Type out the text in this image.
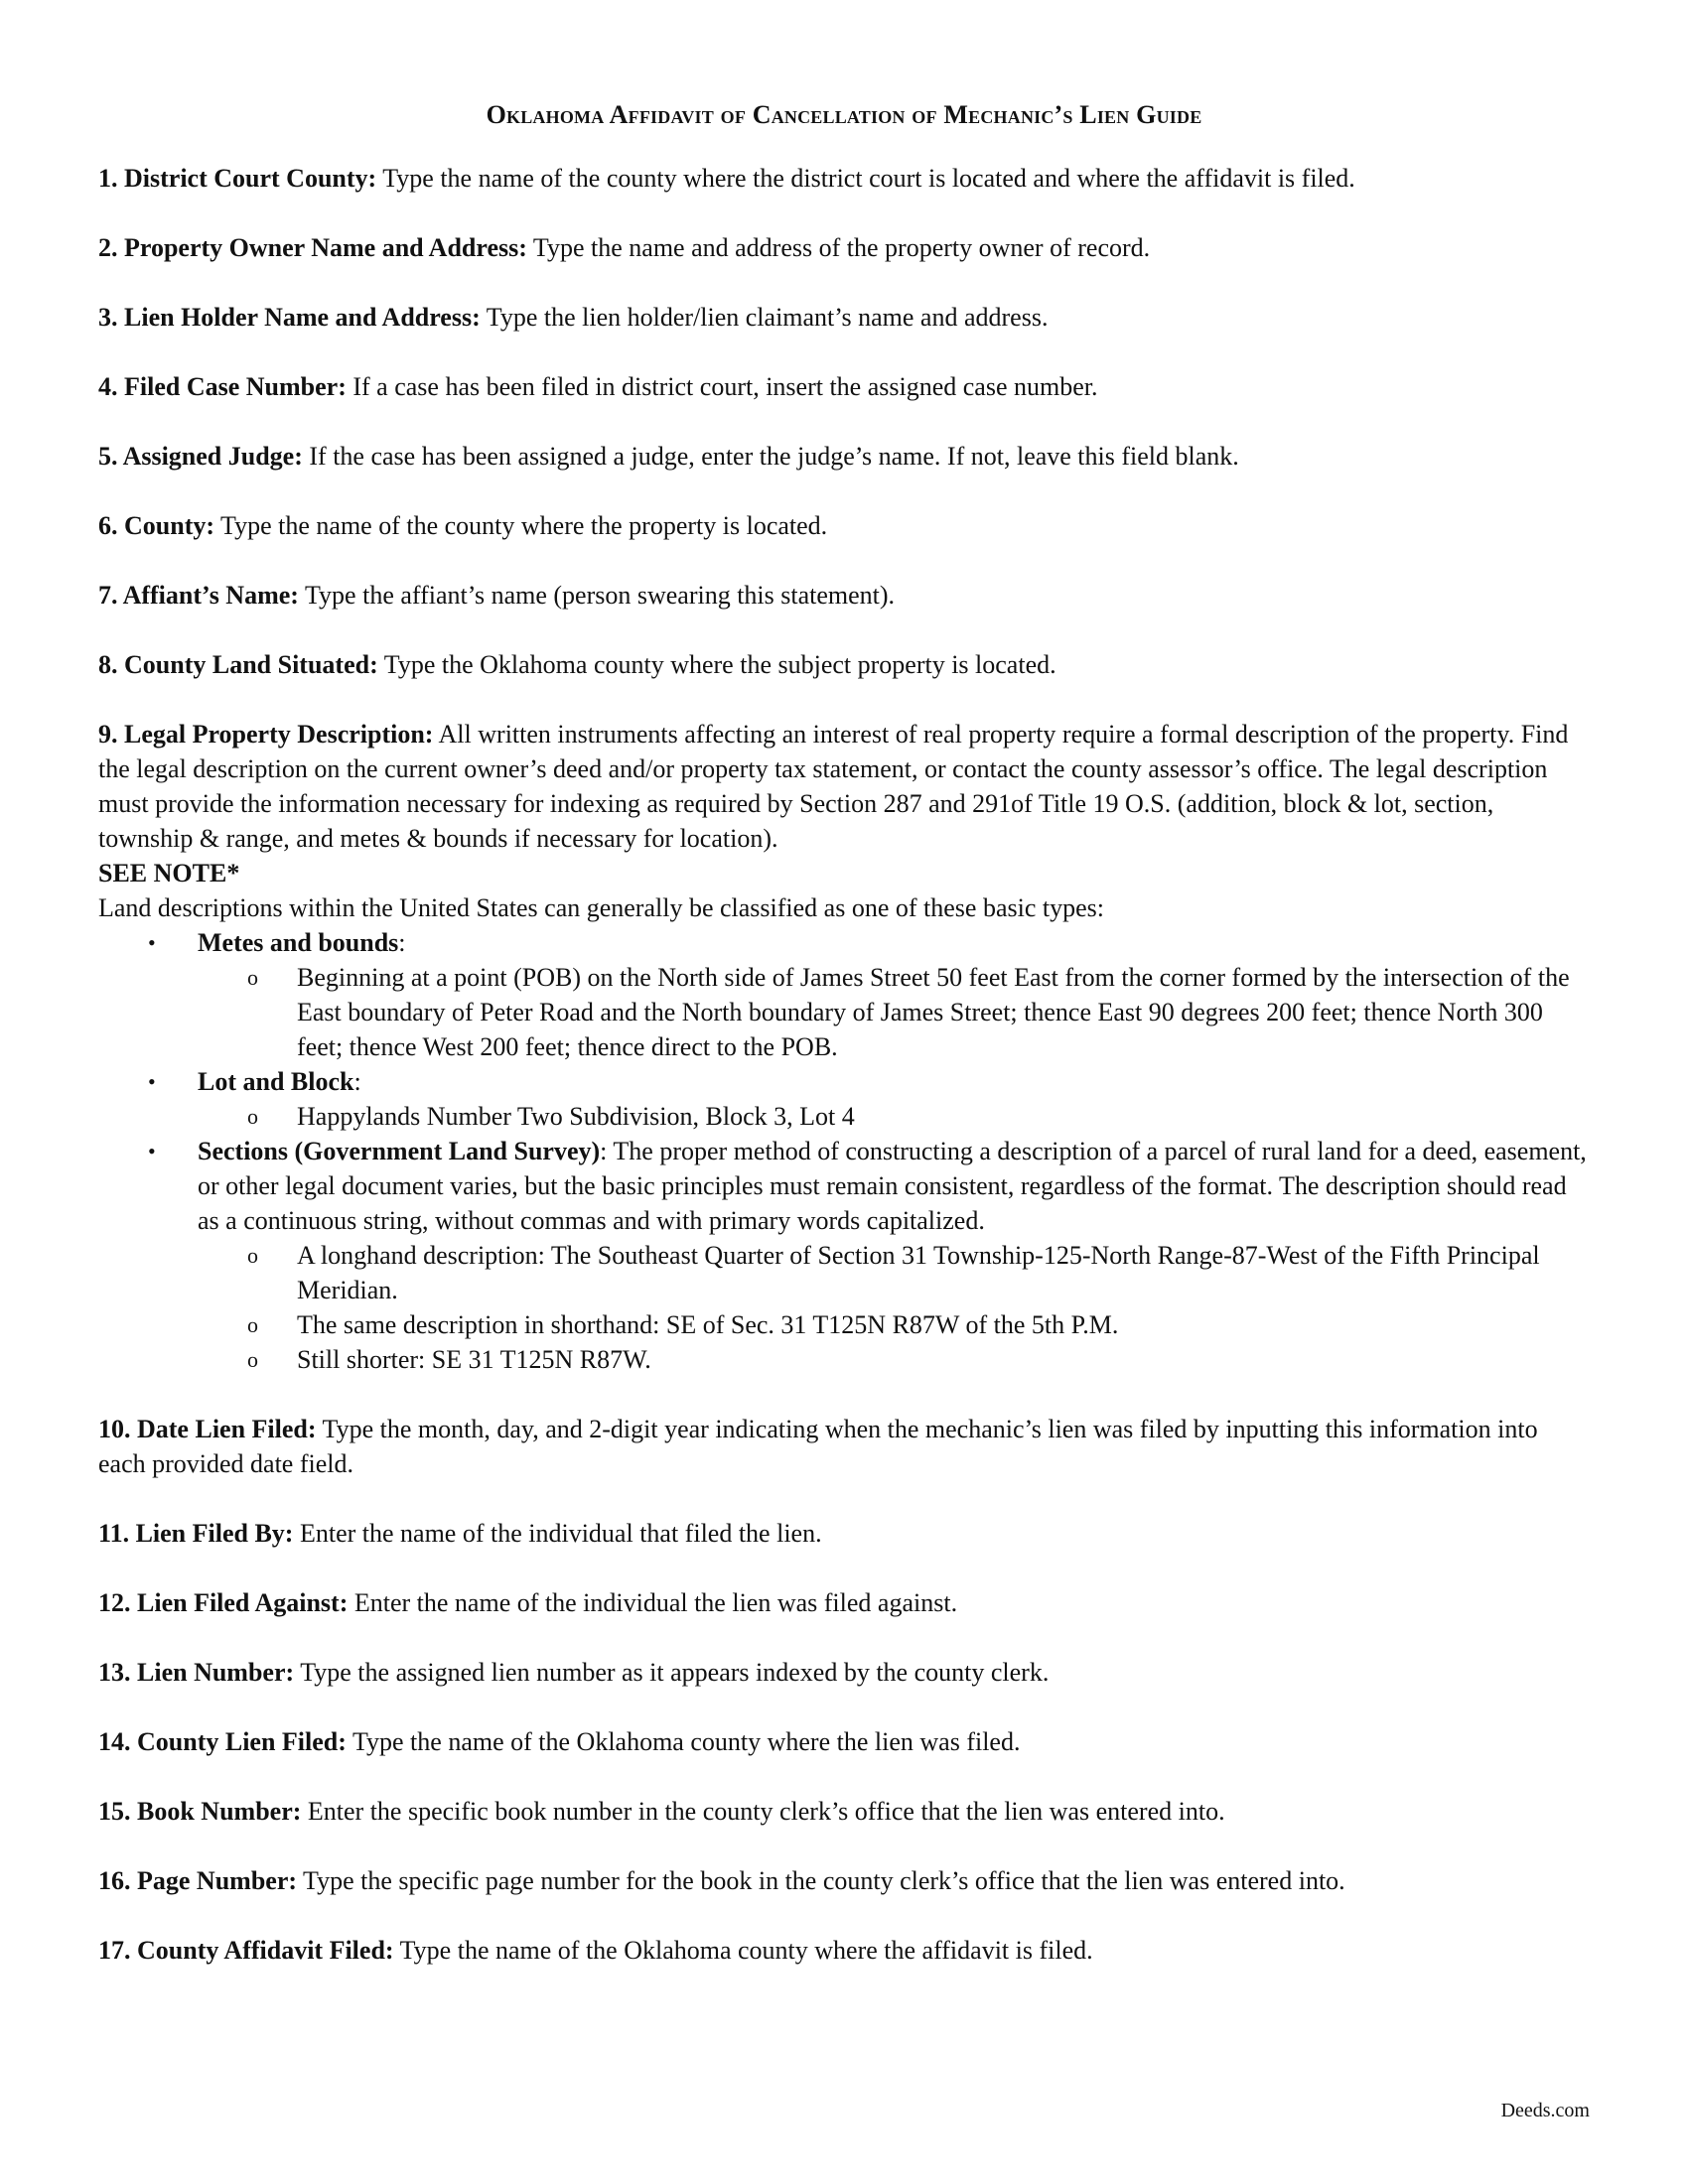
Oklahoma Affidavit of Cancellation of Mechanic’s Lien Guide
1. District Court County: Type the name of the county where the district court is located and where the affidavit is filed.
2. Property Owner Name and Address: Type the name and address of the property owner of record.
3. Lien Holder Name and Address: Type the lien holder/lien claimant’s name and address.
4. Filed Case Number: If a case has been filed in district court, insert the assigned case number.
5. Assigned Judge: If the case has been assigned a judge, enter the judge’s name. If not, leave this field blank.
6. County: Type the name of the county where the property is located.
7. Affiant’s Name: Type the affiant’s name (person swearing this statement).
8. County Land Situated: Type the Oklahoma county where the subject property is located.
9. Legal Property Description: All written instruments affecting an interest of real property require a formal description of the property. Find the legal description on the current owner’s deed and/or property tax statement, or contact the county assessor’s office. The legal description must provide the information necessary for indexing as required by Section 287 and 291of Title 19 O.S. (addition, block & lot, section, township & range, and metes & bounds if necessary for location).
SEE NOTE*
Land descriptions within the United States can generally be classified as one of these basic types:
• Metes and bounds:
o Beginning at a point (POB) on the North side of James Street 50 feet East from the corner formed by the intersection of the East boundary of Peter Road and the North boundary of James Street; thence East 90 degrees 200 feet; thence North 300 feet; thence West 200 feet; thence direct to the POB.
• Lot and Block:
o Happylands Number Two Subdivision, Block 3, Lot 4
• Sections (Government Land Survey): The proper method of constructing a description of a parcel of rural land for a deed, easement, or other legal document varies, but the basic principles must remain consistent, regardless of the format. The description should read as a continuous string, without commas and with primary words capitalized.
o A longhand description: The Southeast Quarter of Section 31 Township-125-North Range-87-West of the Fifth Principal Meridian.
o The same description in shorthand: SE of Sec. 31 T125N R87W of the 5th P.M.
o Still shorter: SE 31 T125N R87W.
10. Date Lien Filed: Type the month, day, and 2-digit year indicating when the mechanic’s lien was filed by inputting this information into each provided date field.
11. Lien Filed By: Enter the name of the individual that filed the lien.
12. Lien Filed Against: Enter the name of the individual the lien was filed against.
13. Lien Number: Type the assigned lien number as it appears indexed by the county clerk.
14. County Lien Filed: Type the name of the Oklahoma county where the lien was filed.
15. Book Number: Enter the specific book number in the county clerk’s office that the lien was entered into.
16. Page Number: Type the specific page number for the book in the county clerk’s office that the lien was entered into.
17. County Affidavit Filed: Type the name of the Oklahoma county where the affidavit is filed.
Deeds.com
